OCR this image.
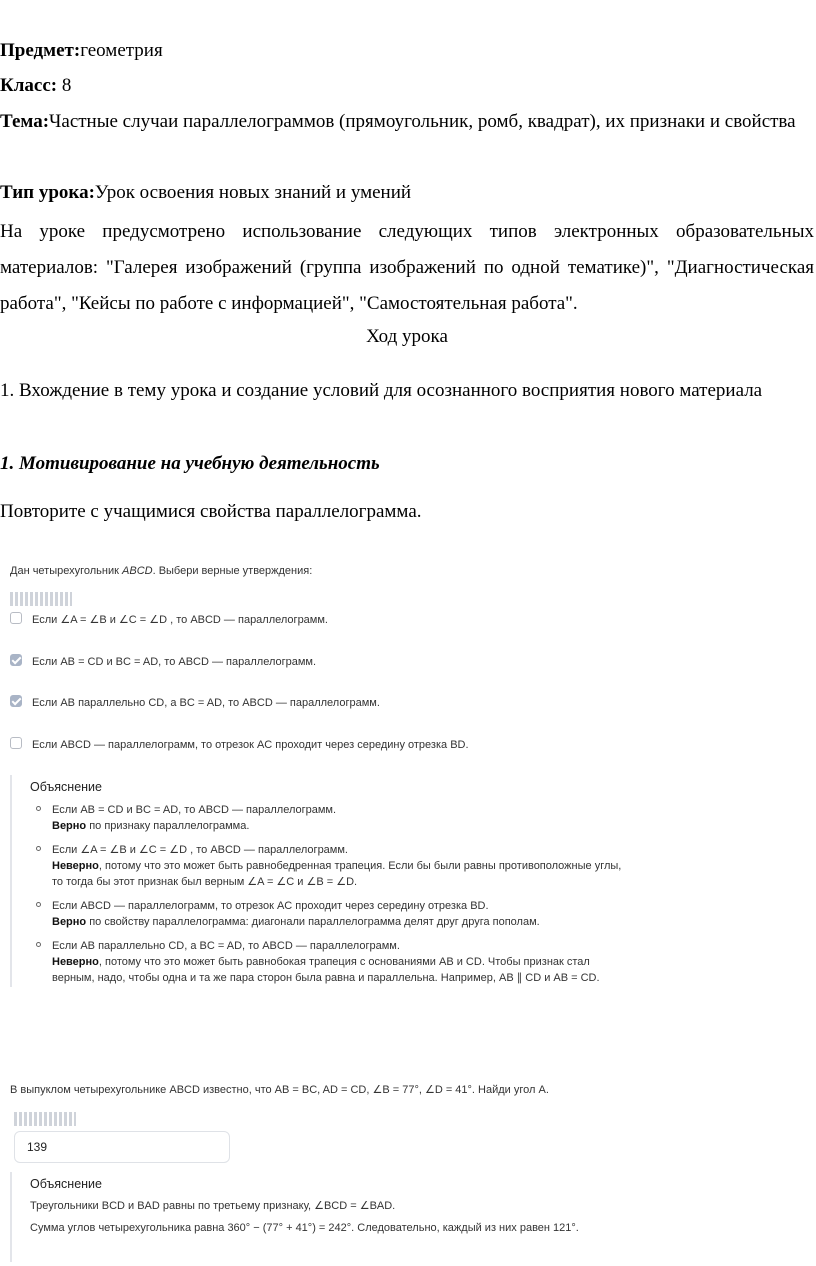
Предмет:геометрия

Класс: 8

Тема:Частные случаи параллелограммов (прямоугольник, ромб, квадрат), их признаки и свойства

Тип урока:Урок освоения новых знаний и умений

На уроке предусмотрено использование следующих типов электронных образовательных материалов: "Галерея изображений (группа изображений по одной тематике)", "Диагностическая работа", "Кейсы по работе с информацией", "Самостоятельная работа".

Ход урока

1. Вхождение в тему урока и создание условий для осознанного восприятия нового материала

1. Мотивирование на учебную деятельность

Повторите с учащимися свойства параллелограмма.

Дан четырехугольник ABCD. Выбери верные утверждения:
Если ∠A = ∠B и ∠C = ∠D , то ABCD — параллелограмм.
Если AB = CD и BC = AD, то ABCD — параллелограмм.
Если AB параллельно CD, а BC = AD, то ABCD — параллелограмм.
Если ABCD — параллелограмм, то отрезок AC проходит через середину отрезка BD.
Объяснение
Если AB = CD и BC = AD, то ABCD — параллелограмм.
Верно по признаку параллелограмма.
Если ∠A = ∠B и ∠C = ∠D , то ABCD — параллелограмм.
Неверно, потому что это может быть равнобедренная трапеция. Если бы были равны противоположные углы,
то тогда бы этот признак был верным ∠A = ∠C и ∠B = ∠D.
Если ABCD — параллелограмм, то отрезок AC проходит через середину отрезка BD.
Верно по свойству параллелограмма: диагонали параллелограмма делят друг друга пополам.
Если AB параллельно CD, а BC = AD, то ABCD — параллелограмм.
Неверно, потому что это может быть равнобокая трапеция с основаниями AB и CD. Чтобы признак стал
верным, надо, чтобы одна и та же пара сторон была равна и параллельна. Например, AB ∥ CD и AB = CD.
В выпуклом четырехугольнике ABCD известно, что AB = BC, AD = CD, ∠B = 77°, ∠D = 41°. Найди угол A.
139
Объяснение
Треугольники BCD и BAD равны по третьему признаку, ∠BCD = ∠BAD.
Сумма углов четырехугольника равна 360° − (77° + 41°) = 242°. Следовательно, каждый из них равен 121°.
